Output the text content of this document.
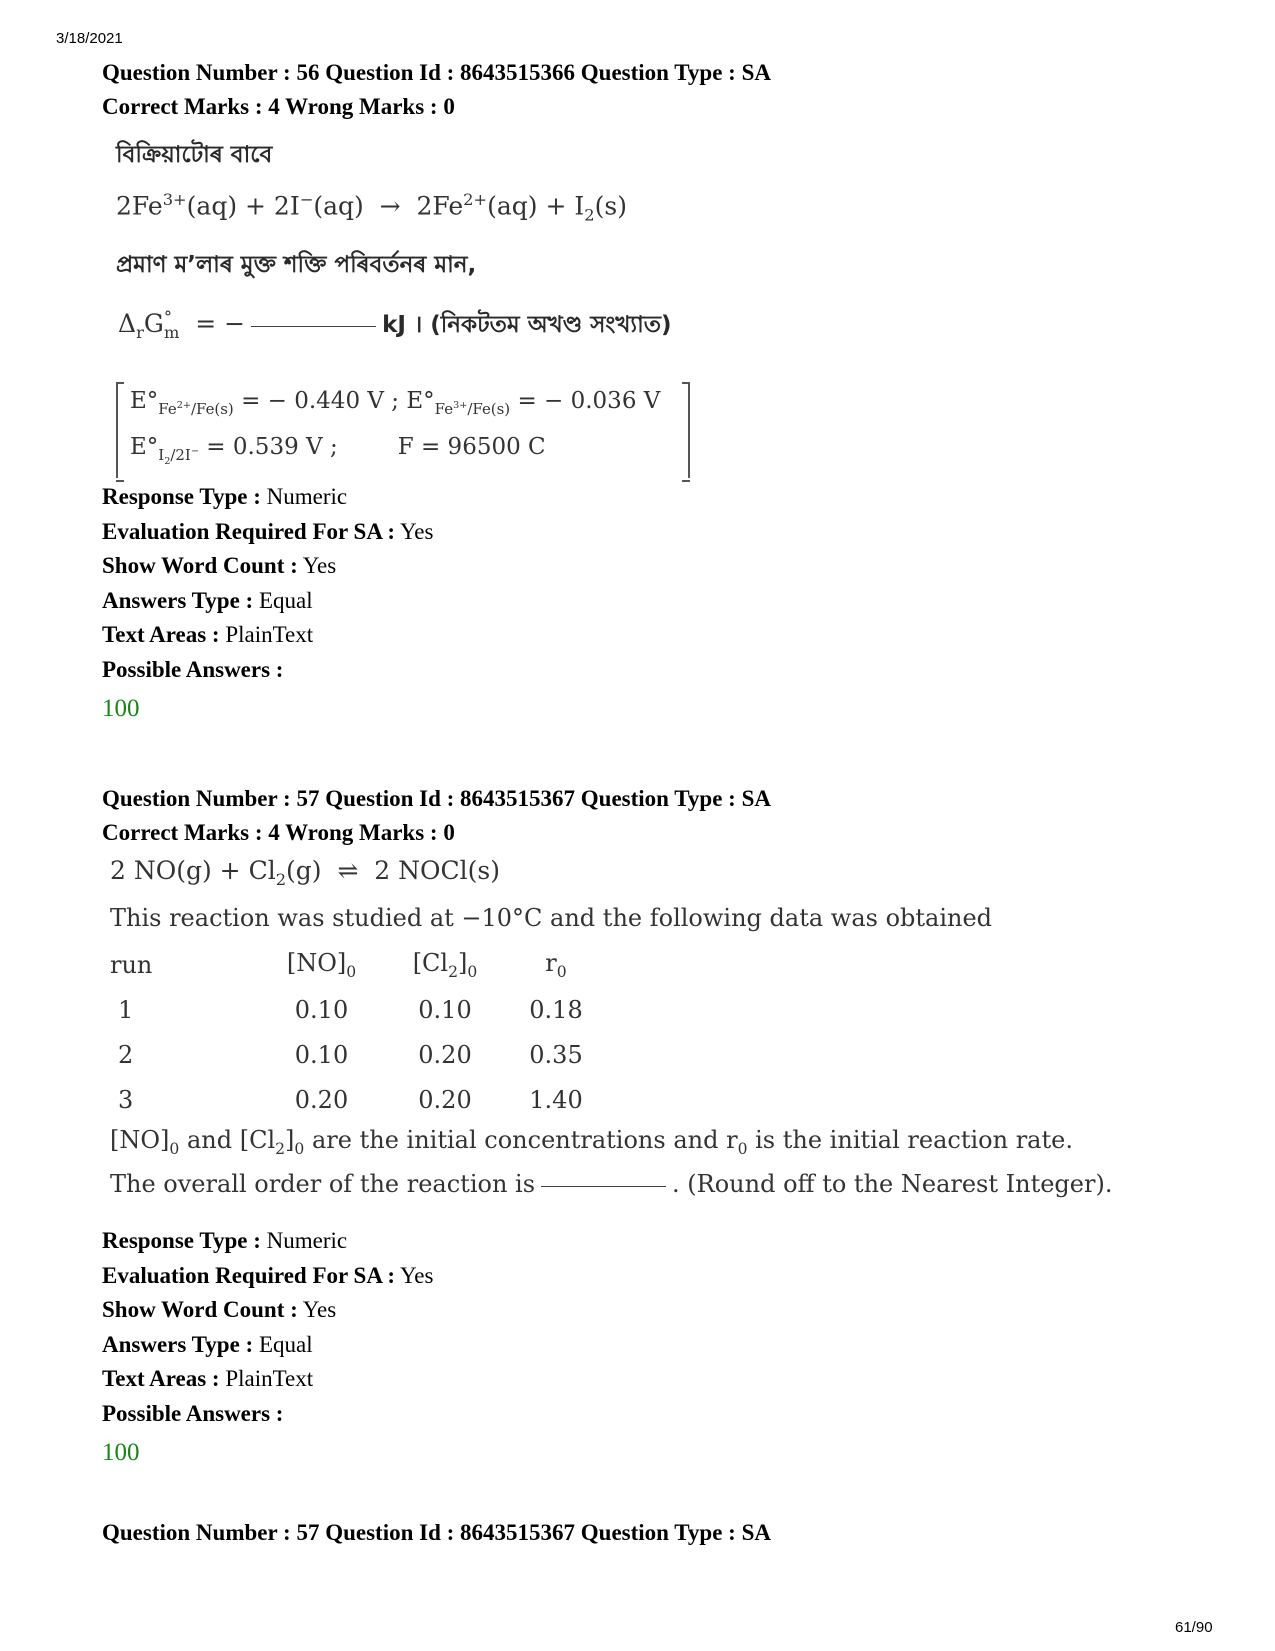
3/18/2021
Question Number : 56 Question Id : 8643515366 Question Type : SA
Correct Marks : 4 Wrong Marks : 0
বিক্ৰিয়াটোৰ বাবে
$2Fe^{3+}(aq) + 2I^-(aq) \to 2Fe^{2+}(aq) + I_2(s)$
প্ৰমাণ ম’লাৰ মুক্ত শক্তি পৰিবৰ্তনৰ মান,
$\Delta_rG^\circ_m$  = −	kJ । (নিকটতম অখণ্ড সংখ্যাত)
$E^\circ_{Fe^{2+}/Fe(s)}$ = − 0.440 V ; $E^\circ_{Fe^{3+}/Fe(s)}$ = − 0.036 V
$E^\circ_{I_2/2I^-} = 0.539$ V ;	F = 96500 C
Response Type : Numeric
Evaluation Required For SA : Yes
Show Word Count : Yes
Answers Type : Equal
Text Areas : PlainText
Possible Answers :
100
Question Number : 57 Question Id : 8643515367 Question Type : SA
Correct Marks : 4 Wrong Marks : 0
2 $NO(g) + Cl_2(g)$  ⇌  2 NOCl(s)
This reaction was studied at −10°C and the following data was obtained
run	$[NO]_0$	$[Cl_2]_0$	$r_0$
1	0.10	0.10	0.18
2	0.10	0.20	0.35
3	0.20	0.20	1.40
$[NO]_0$ and $[Cl_2]_0$ are the initial concentrations and $r_0$ is the initial reaction rate.
The overall order of the reaction is	. (Round off to the Nearest Integer).
Response Type : Numeric
Evaluation Required For SA : Yes
Show Word Count : Yes
Answers Type : Equal
Text Areas : PlainText
Possible Answers :
100
Question Number : 57 Question Id : 8643515367 Question Type : SA
61/90
